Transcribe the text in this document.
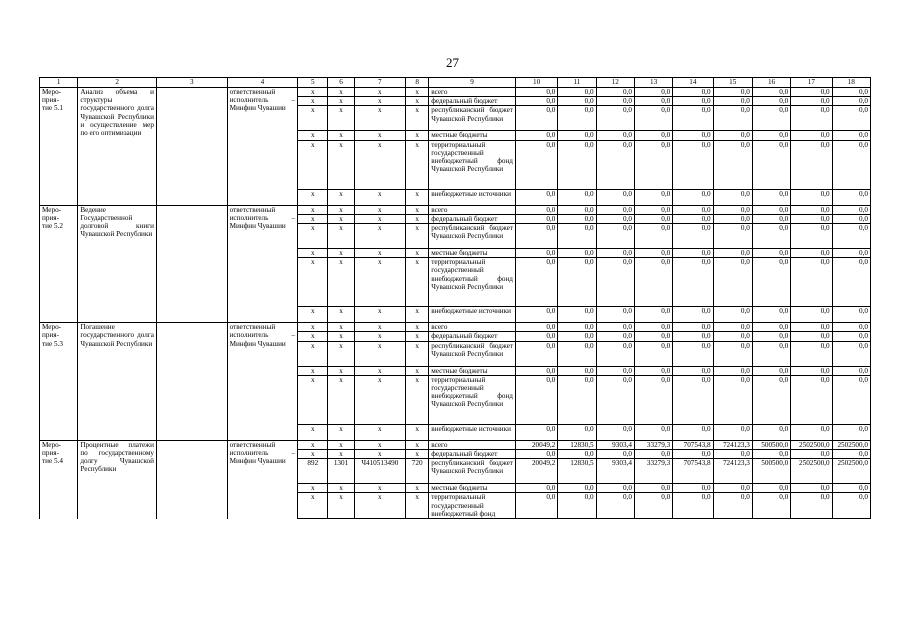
27
1	2	3	4	5	6	7	8	9	10	11	12	13	14	15	16	17	18
Меро-
прия-
тие 5.1	Анализ объема и структуры государственного долга Чувашской Республики и осуществление мер по его оптимизации		ответственный исполнитель – Минфин Чувашии	x	x	x	x	всего	0,0	0,0	0,0	0,0	0,0	0,0	0,0	0,0	0,0
				x	x	x	x	федеральный бюджет	0,0	0,0	0,0	0,0	0,0	0,0	0,0	0,0	0,0
				x	x	x	x	республиканский бюджет Чувашской Республики	0,0	0,0	0,0	0,0	0,0	0,0	0,0	0,0	0,0
				x	x	x	x	местные бюджеты	0,0	0,0	0,0	0,0	0,0	0,0	0,0	0,0	0,0
				x	x	x	x	территориальный государственный внебюджетный фонд Чувашской Республики	0,0	0,0	0,0	0,0	0,0	0,0	0,0	0,0	0,0
				x	x	x	x	внебюджетные источники	0,0	0,0	0,0	0,0	0,0	0,0	0,0	0,0	0,0
Меро-
прия-
тие 5.2	Ведение Государственной долговой книги Чувашской Республики		ответственный исполнитель – Минфин Чувашии	x	x	x	x	всего	0,0	0,0	0,0	0,0	0,0	0,0	0,0	0,0	0,0
				x	x	x	x	федеральный бюджет	0,0	0,0	0,0	0,0	0,0	0,0	0,0	0,0	0,0
				x	x	x	x	республиканский бюджет Чувашской Республики	0,0	0,0	0,0	0,0	0,0	0,0	0,0	0,0	0,0
				x	x	x	x	местные бюджеты	0,0	0,0	0,0	0,0	0,0	0,0	0,0	0,0	0,0
				x	x	x	x	территориальный государственный внебюджетный фонд Чувашской Республики	0,0	0,0	0,0	0,0	0,0	0,0	0,0	0,0	0,0
				x	x	x	x	внебюджетные источники	0,0	0,0	0,0	0,0	0,0	0,0	0,0	0,0	0,0
Меро-
прия-
тие 5.3	Погашение государственного долга Чувашской Республики		ответственный исполнитель – Минфин Чувашии	x	x	x	x	всего	0,0	0,0	0,0	0,0	0,0	0,0	0,0	0,0	0,0
				x	x	x	x	федеральный бюджет	0,0	0,0	0,0	0,0	0,0	0,0	0,0	0,0	0,0
				x	x	x	x	республиканский бюджет Чувашской Республики	0,0	0,0	0,0	0,0	0,0	0,0	0,0	0,0	0,0
				x	x	x	x	местные бюджеты	0,0	0,0	0,0	0,0	0,0	0,0	0,0	0,0	0,0
				x	x	x	x	территориальный государственный внебюджетный фонд Чувашской Республики	0,0	0,0	0,0	0,0	0,0	0,0	0,0	0,0	0,0
				x	x	x	x	внебюджетные источники	0,0	0,0	0,0	0,0	0,0	0,0	0,0	0,0	0,0
Меро-
прия-
тие 5.4	Процентные платежи по государственному долгу Чувашской Республики		ответственный исполнитель – Минфин Чувашии	x	x	x	x	всего	20049,2	12830,5	9303,4	33279,3	707543,8	724123,3	500500,0	2502500,0	2502500,0
				x	x	x	x	федеральный бюджет	0,0	0,0	0,0	0,0	0,0	0,0	0,0	0,0	0,0
				892	1301	Ч410513490	720	республиканский бюджет Чувашской Республики	20049,2	12830,5	9303,4	33279,3	707543,8	724123,3	500500,0	2502500,0	2502500,0
				x	x	x	x	местные бюджеты	0,0	0,0	0,0	0,0	0,0	0,0	0,0	0,0	0,0
				x	x	x	x	территориальный государственный внебюджетный фонд	0,0	0,0	0,0	0,0	0,0	0,0	0,0	0,0	0,0
